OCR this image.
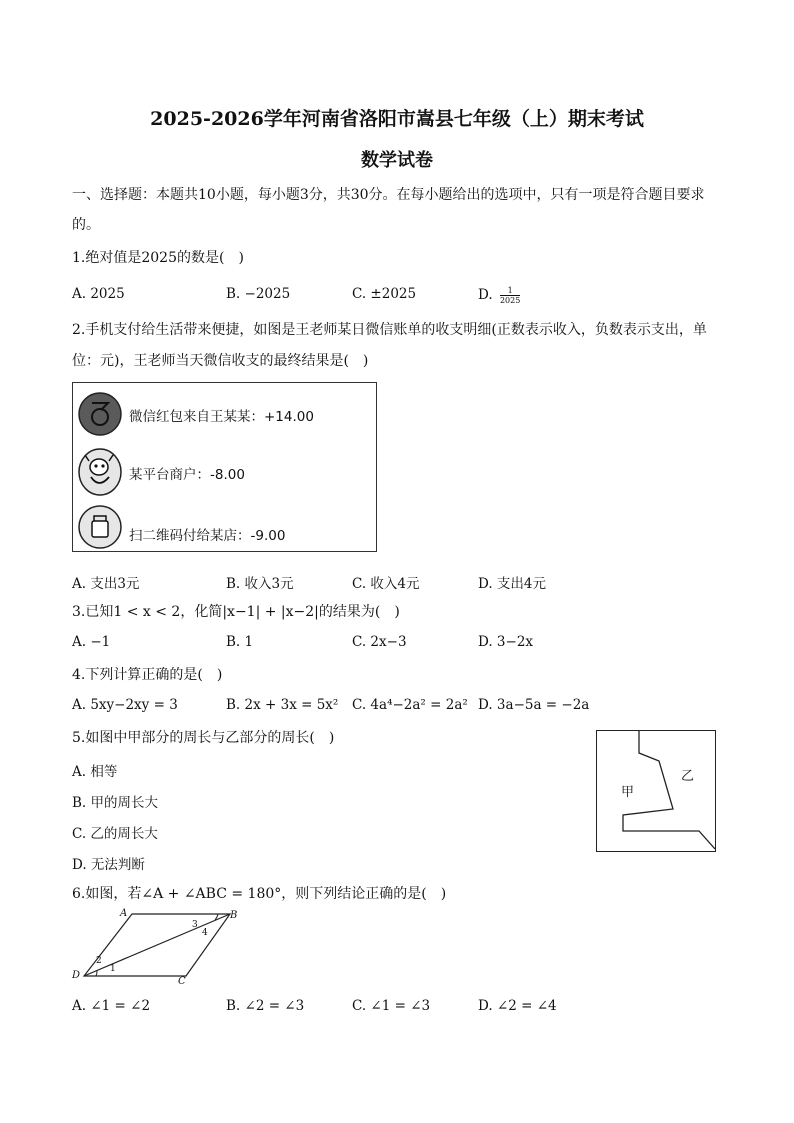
2025-2026学年河南省洛阳市嵩县七年级（上）期末考试
数学试卷
一、选择题：本题共10小题，每小题3分，共30分。在每小题给出的选项中，只有一项是符合题目要求
的。
1.绝对值是2025的数是(　)
A. 2025	B. −2025	C. ±2025	D. $\frac{1}{2025}$
2.手机支付给生活带来便捷，如图是王老师某日微信账单的收支明细(正数表示收入，负数表示支出，单
位：元)，王老师当天微信收支的最终结果是(　)
微信红包来自王某某：+14.00
某平台商户：-8.00
扫二维码付给某店：-9.00
A. 支出3元	B. 收入3元	C. 收入4元	D. 支出4元
3.已知1 < x < 2，化简|x−1| + |x−2|的结果为(　)
A. −1	B. 1	C. 2x−3	D. 3−2x
4.下列计算正确的是(　)
A. 5xy−2xy = 3	B. 2x + 3x = 5x² C. 4a⁴−2a² = 2a² D. 3a−5a = −2a
5.如图中甲部分的周长与乙部分的周长(　)
A. 相等
B. 甲的周长大
C. 乙的周长大
D. 无法判断
甲
乙
6.如图，若∠A + ∠ABC = 180°，则下列结论正确的是(　)
A	B
C
D
1
2
3
4
A. ∠1 = ∠2	B. ∠2 = ∠3	C. ∠1 = ∠3	D. ∠2 = ∠4
